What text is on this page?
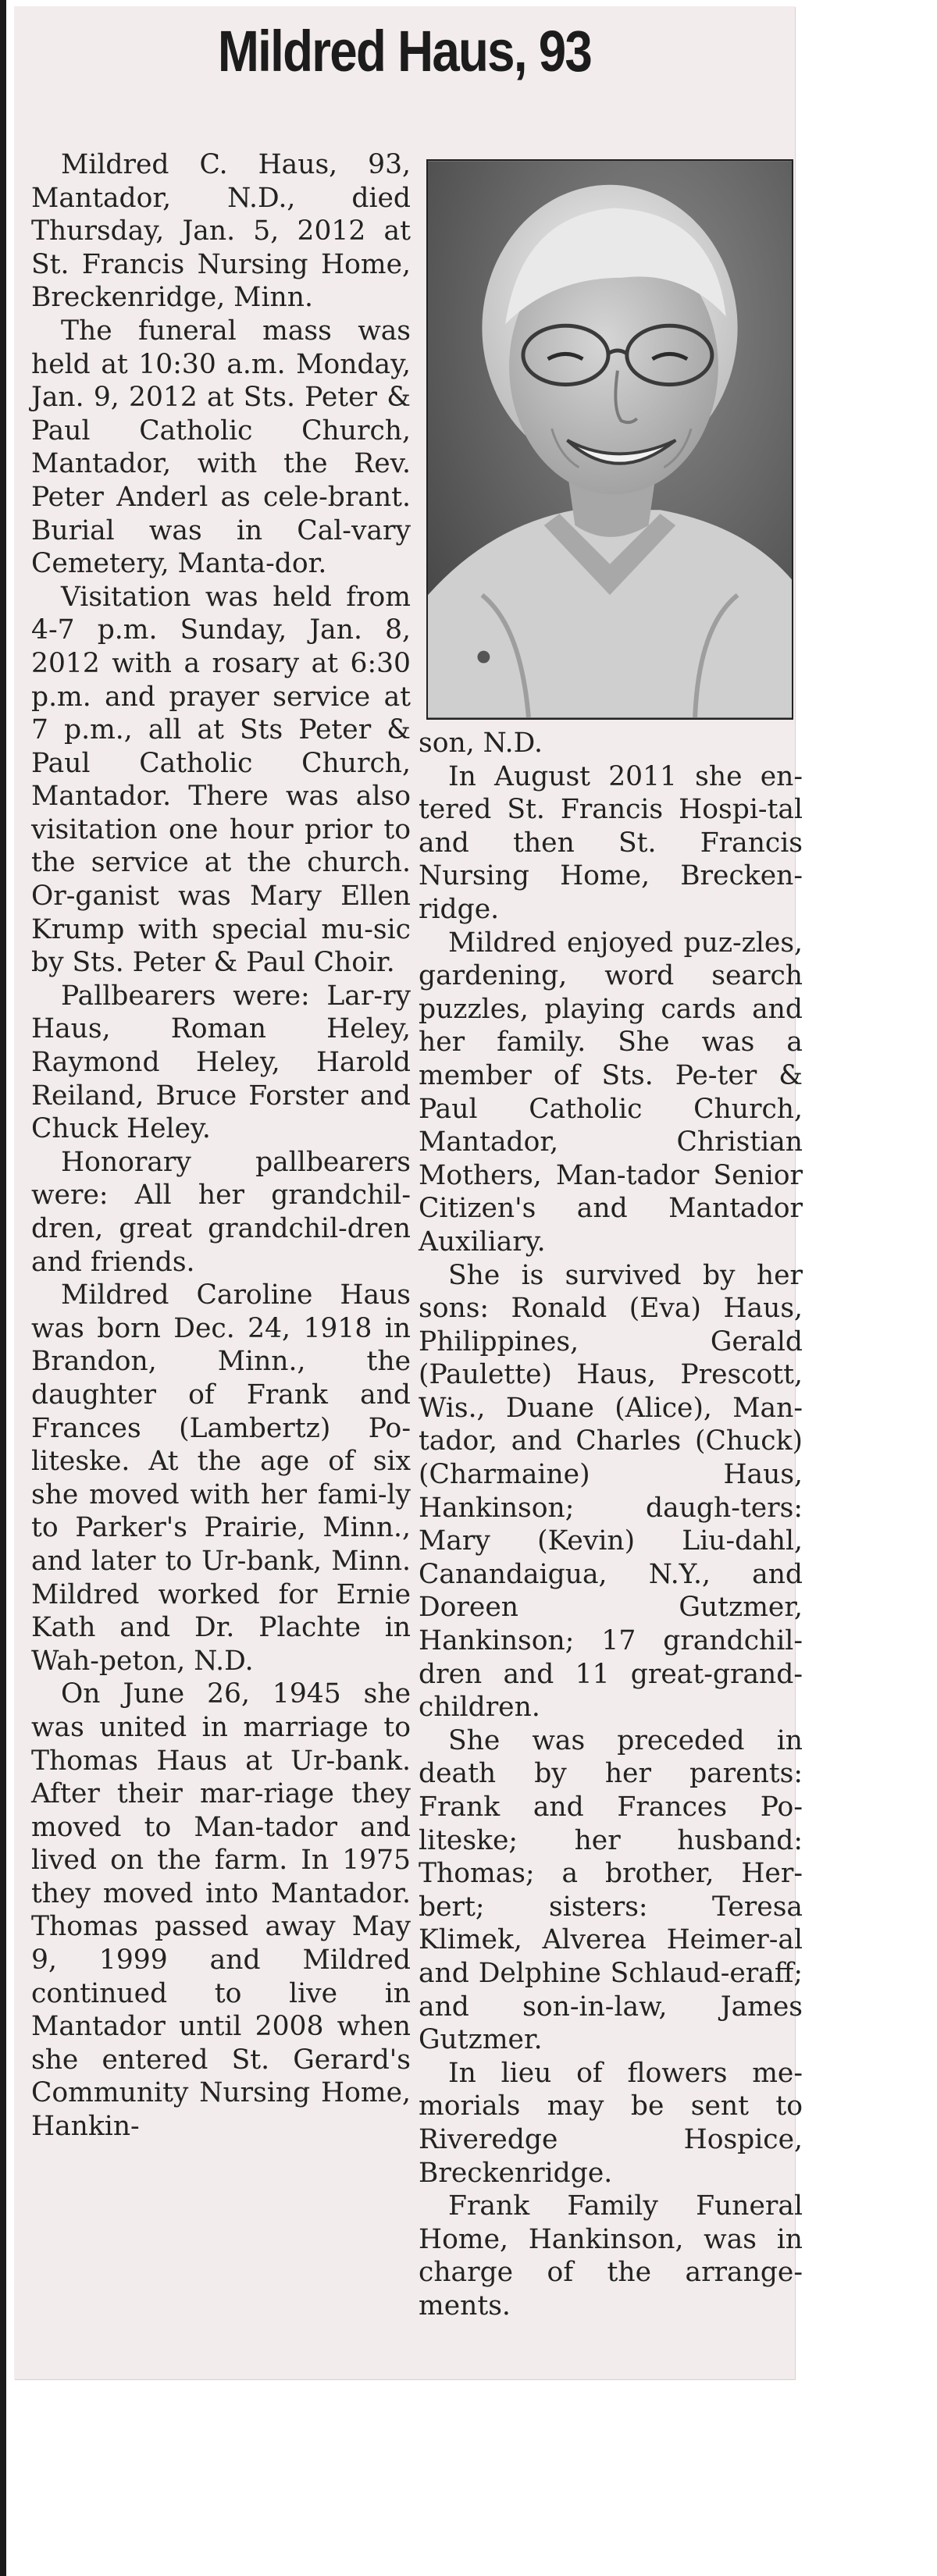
Mildred Haus, 93

Mildred C. Haus, 93, Mantador, N.D., died Thursday, Jan. 5, 2012 at St. Francis Nursing Home, Breckenridge, Minn.

The funeral mass was held at 10:30 a.m. Monday, Jan. 9, 2012 at Sts. Peter & Paul Catholic Church, Mantador, with the Rev. Peter Anderl as cele-brant. Burial was in Cal-vary Cemetery, Manta-dor.

Visitation was held from 4-7 p.m. Sunday, Jan. 8, 2012 with a rosary at 6:30 p.m. and prayer service at 7 p.m., all at Sts Peter & Paul Catholic Church, Mantador. There was also visitation one hour prior to the service at the church. Or-ganist was Mary Ellen Krump with special mu-sic by Sts. Peter & Paul Choir.

Pallbearers were: Lar-ry Haus, Roman Heley, Raymond Heley, Harold Reiland, Bruce Forster and Chuck Heley.

Honorary pallbearers were: All her grandchil-dren, great grandchil-dren and friends.

Mildred Caroline Haus was born Dec. 24, 1918 in Brandon, Minn., the daughter of Frank and Frances (Lambertz) Po-liteske. At the age of six she moved with her fami-ly to Parker's Prairie, Minn., and later to Ur-bank, Minn. Mildred worked for Ernie Kath and Dr. Plachte in Wah-peton, N.D.

On June 26, 1945 she was united in marriage to Thomas Haus at Ur-bank. After their mar-riage they moved to Man-tador and lived on the farm. In 1975 they moved into Mantador. Thomas passed away May 9, 1999 and Mildred continued to live in Mantador until 2008 when she entered St. Gerard's Community Nursing Home, Hankin-

son, N.D.

In August 2011 she en-tered St. Francis Hospi-tal and then St. Francis Nursing Home, Brecken-ridge.

Mildred enjoyed puz-zles, gardening, word search puzzles, playing cards and her family. She was a member of Sts. Pe-ter & Paul Catholic Church, Mantador, Christian Mothers, Man-tador Senior Citizen's and Mantador Auxiliary.

She is survived by her sons: Ronald (Eva) Haus, Philippines, Gerald (Paulette) Haus, Prescott, Wis., Duane (Alice), Man-tador, and Charles (Chuck) (Charmaine) Haus, Hankinson; daugh-ters: Mary (Kevin) Liu-dahl, Canandaigua, N.Y., and Doreen Gutzmer, Hankinson; 17 grandchil-dren and 11 great-grand-children.

She was preceded in death by her parents: Frank and Frances Po-liteske; her husband: Thomas; a brother, Her-bert; sisters: Teresa Klimek, Alverea Heimer-al and Delphine Schlaud-eraff; and son-in-law, James Gutzmer.

In lieu of flowers me-morials may be sent to Riveredge Hospice, Breckenridge.

Frank Family Funeral Home, Hankinson, was in charge of the arrange-ments.
